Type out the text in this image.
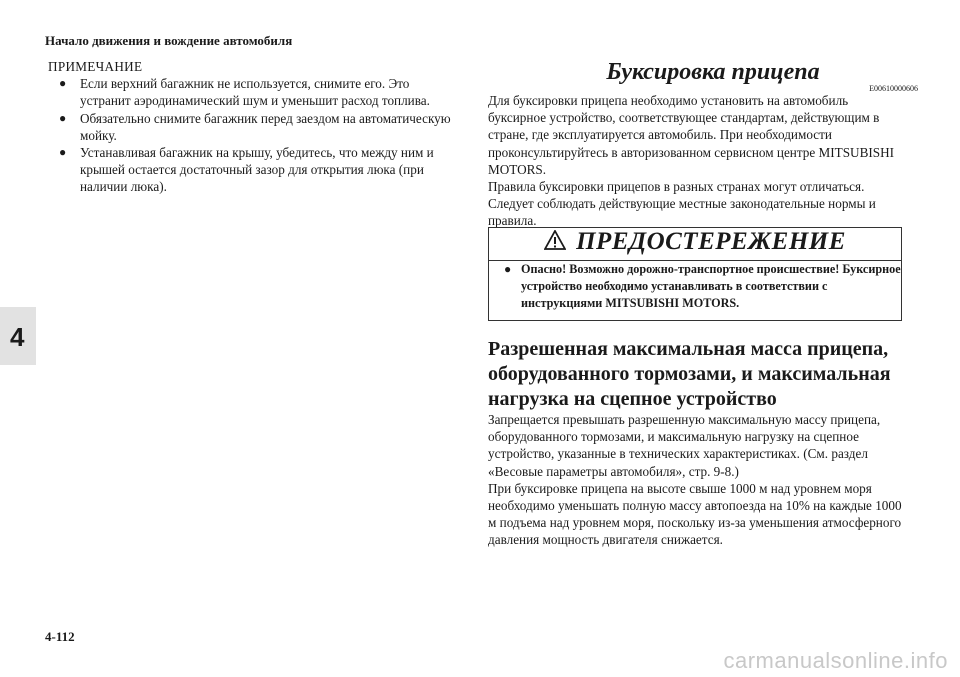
Начало движения и вождение автомобиля
4
ПРИМЕЧАНИЕ
● Если верхний багажник не используется, снимите его. Это устранит аэродинамический шум и уменьшит расход топлива.
● Обязательно снимите багажник перед заездом на автоматическую мойку.
● Устанавливая багажник на крышу, убедитесь, что между ним и крышей остается достаточный зазор для открытия люка (при наличии люка).
Буксировка прицепа
E00610000606
Для буксировки прицепа необходимо установить на автомобиль буксирное устройство, соответствующее стандартам, действующим в стране, где эксплуатируется автомобиль. При необходимости проконсультируйтесь в авторизованном сервисном центре MITSUBISHI MOTORS.
Правила буксировки прицепов в разных странах могут отличаться. Следует соблюдать действующие местные законодательные нормы и правила.
ПРЕДОСТЕРЕЖЕНИЕ
● Опасно! Возможно дорожно-транспортное происшествие! Буксирное устройство необходимо устанавливать в соответствии с инструкциями MITSUBISHI MOTORS.
Разрешенная максимальная масса прицепа, оборудованного тормозами, и максимальная нагрузка на сцепное устройство
Запрещается превышать разрешенную максимальную массу прицепа, оборудованного тормозами, и максимальную нагрузку на сцепное устройство, указанные в технических характеристиках. (См. раздел «Весовые параметры автомобиля», стр. 9-8.)
При буксировке прицепа на высоте свыше 1000 м над уровнем моря необходимо уменьшать полную массу автопоезда на 10% на каждые 1000 м подъема над уровнем моря, поскольку из-за уменьшения атмосферного давления мощность двигателя снижается.
4-112
carmanualsonline.info
